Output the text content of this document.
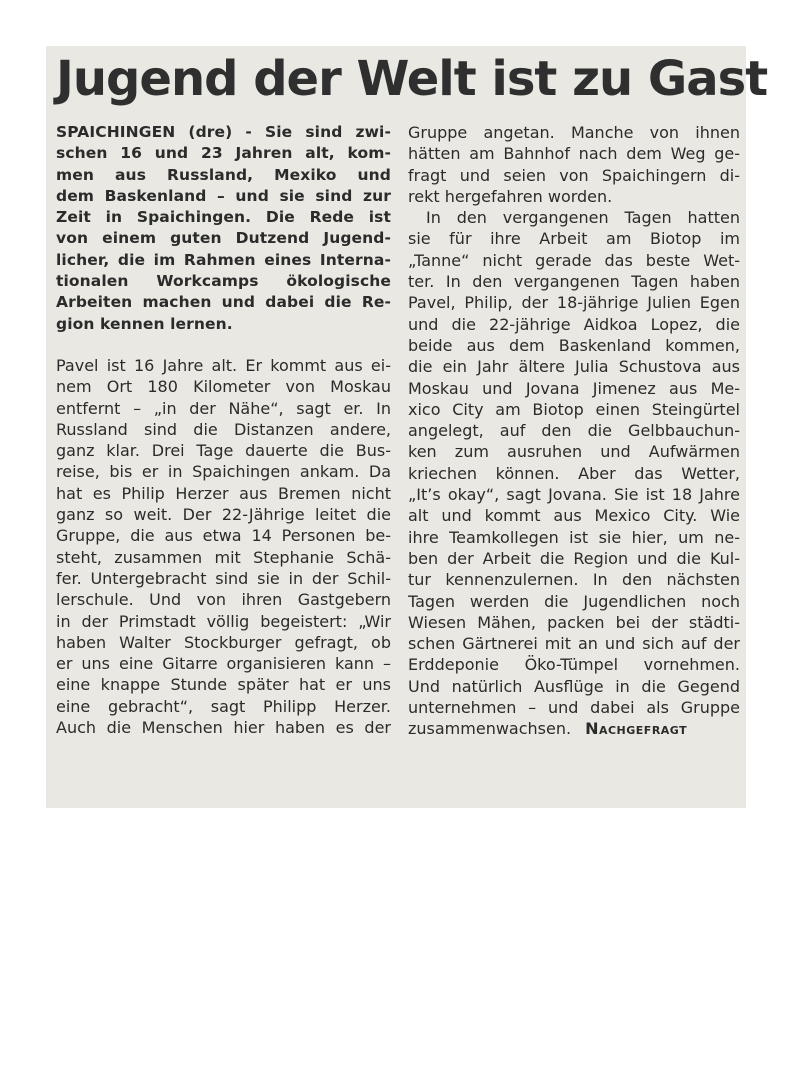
Jugend der Welt ist zu Gast
SPAICHINGEN (dre) - Sie sind zwi-
schen 16 und 23 Jahren alt, kom-
men aus Russland, Mexiko und
dem Baskenland – und sie sind zur
Zeit in Spaichingen. Die Rede ist
von einem guten Dutzend Jugend-
licher, die im Rahmen eines Interna-
tionalen Workcamps ökologische
Arbeiten machen und dabei die Re-
gion kennen lernen.
Pavel ist 16 Jahre alt. Er kommt aus ei-
nem Ort 180 Kilometer von Moskau
entfernt – „in der Nähe“, sagt er. In
Russland sind die Distanzen andere,
ganz klar. Drei Tage dauerte die Bus-
reise, bis er in Spaichingen ankam. Da
hat es Philip Herzer aus Bremen nicht
ganz so weit. Der 22-Jährige leitet die
Gruppe, die aus etwa 14 Personen be-
steht, zusammen mit Stephanie Schä-
fer. Untergebracht sind sie in der Schil-
lerschule. Und von ihren Gastgebern
in der Primstadt völlig begeistert: „Wir
haben Walter Stockburger gefragt, ob
er uns eine Gitarre organisieren kann –
eine knappe Stunde später hat er uns
eine gebracht“, sagt Philipp Herzer.
Auch die Menschen hier haben es der
Gruppe angetan. Manche von ihnen
hätten am Bahnhof nach dem Weg ge-
fragt und seien von Spaichingern di-
rekt hergefahren worden.
In den vergangenen Tagen hatten
sie für ihre Arbeit am Biotop im
„Tanne“ nicht gerade das beste Wet-
ter. In den vergangenen Tagen haben
Pavel, Philip, der 18-jährige Julien Egen
und die 22-jährige Aidkoa Lopez, die
beide aus dem Baskenland kommen,
die ein Jahr ältere Julia Schustova aus
Moskau und Jovana Jimenez aus Me-
xico City am Biotop einen Steingürtel
angelegt, auf den die Gelbbauchun-
ken zum ausruhen und Aufwärmen
kriechen können. Aber das Wetter,
„It’s okay“, sagt Jovana. Sie ist 18 Jahre
alt und kommt aus Mexico City. Wie
ihre Teamkollegen ist sie hier, um ne-
ben der Arbeit die Region und die Kul-
tur kennenzulernen. In den nächsten
Tagen werden die Jugendlichen noch
Wiesen Mähen, packen bei der städti-
schen Gärtnerei mit an und sich auf der
Erddeponie Öko-Tümpel vornehmen.
Und natürlich Ausflüge in die Gegend
unternehmen – und dabei als Gruppe
zusammenwachsen. Nachgefragt
